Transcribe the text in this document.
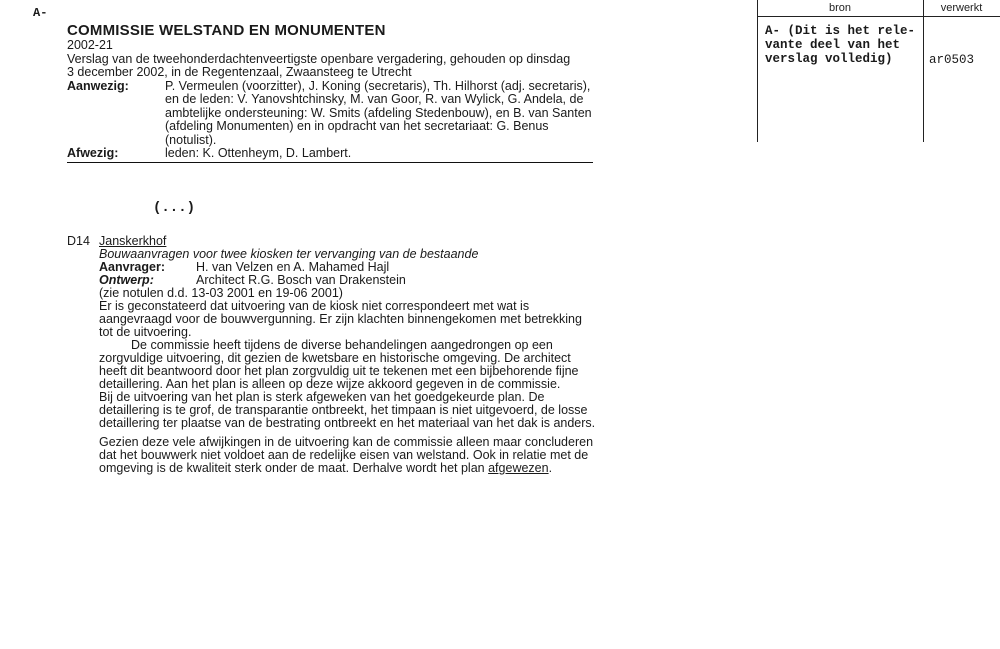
A-
COMMISSIE WELSTAND EN MONUMENTEN
2002-21
Verslag van de tweehonderdachtenveertigste openbare vergadering, gehouden op dinsdag
3 december 2002, in de Regentenzaal, Zwaansteeg te Utrecht
Aanwezig:	P. Vermeulen (voorzitter), J. Koning (secretaris), Th. Hilhorst (adj. secretaris), en de leden: V. Yanovshtchinsky, M. van Goor, R. van Wylick, G. Andela, de ambtelijke ondersteuning: W. Smits (afdeling Stedenbouw), en B. van Santen (afdeling Monumenten) en in opdracht van het secretariaat: G. Benus (notulist).
Afwezig:	leden: K. Ottenheym, D. Lambert.
(...)
D14 Janskerkhof
Bouwaanvragen voor twee kiosken ter vervanging van de bestaande
Aanvrager:	H. van Velzen en A. Mahamed Hajl
Ontwerp:	Architect R.G. Bosch van Drakenstein
(zie notulen d.d. 13-03 2001 en 19-06 2001)
Er is geconstateerd dat uitvoering van de kiosk niet correspondeert met wat is aangevraagd voor de bouwvergunning. Er zijn klachten binnengekomen met betrekking tot de uitvoering.
De commissie heeft tijdens de diverse behandelingen aangedrongen op een zorgvuldige uitvoering, dit gezien de kwetsbare en historische omgeving. De architect heeft dit beantwoord door het plan zorgvuldig uit te tekenen met een bijbehorende fijne detaillering. Aan het plan is alleen op deze wijze akkoord gegeven in de commissie.
Bij de uitvoering van het plan is sterk afgeweken van het goedgekeurde plan. De detaillering is te grof, de transparantie ontbreekt, het timpaan is niet uitgevoerd, de losse detaillering ter plaatse van de bestrating ontbreekt en het materiaal van het dak is anders.
Gezien deze vele afwijkingen in de uitvoering kan de commissie alleen maar concluderen dat het bouwwerk niet voldoet aan de redelijke eisen van welstand. Ook in relatie met de omgeving is de kwaliteit sterk onder de maat. Derhalve wordt het plan afgewezen.
bron	verwerkt
A- (Dit is het rele-
vante deel van het
verslag volledig)	ar0503
